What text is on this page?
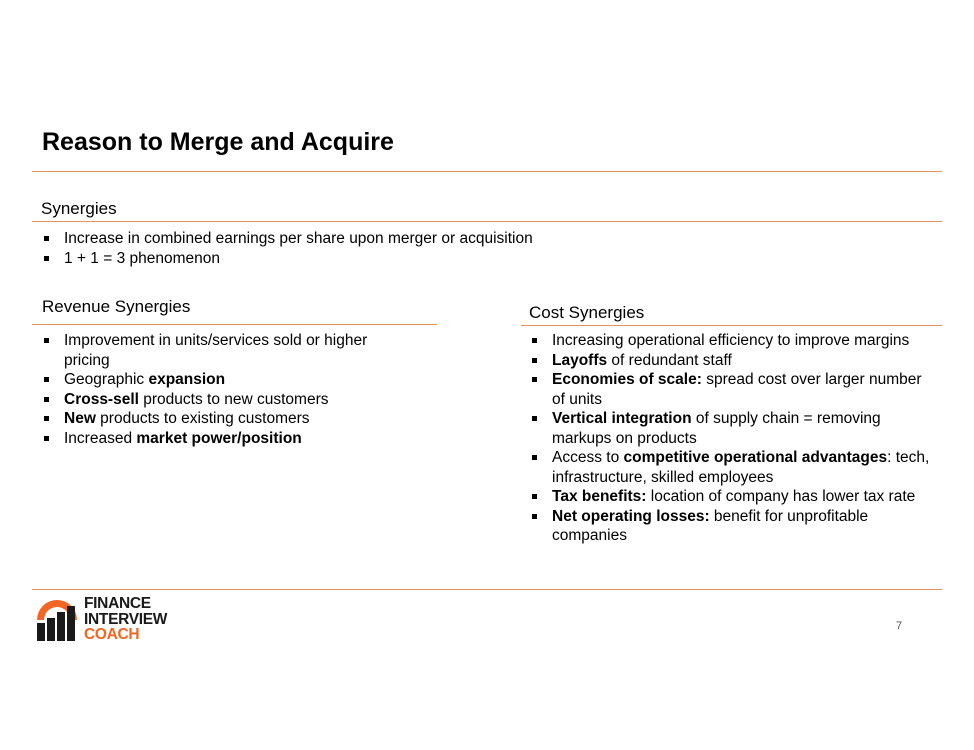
Reason to Merge and Acquire
Synergies
Increase in combined earnings per share upon merger or acquisition
1 + 1 = 3 phenomenon
Revenue Synergies
Improvement in units/services sold or higher pricing
Geographic expansion
Cross-sell products to new customers
New products to existing customers
Increased market power/position
Cost Synergies
Increasing operational efficiency to improve margins
Layoffs of redundant staff
Economies of scale: spread cost over larger number of units
Vertical integration of supply chain = removing markups on products
Access to competitive operational advantages: tech, infrastructure, skilled employees
Tax benefits: location of company has lower tax rate
Net operating losses: benefit for unprofitable companies
FINANCE
INTERVIEW
COACH	7
